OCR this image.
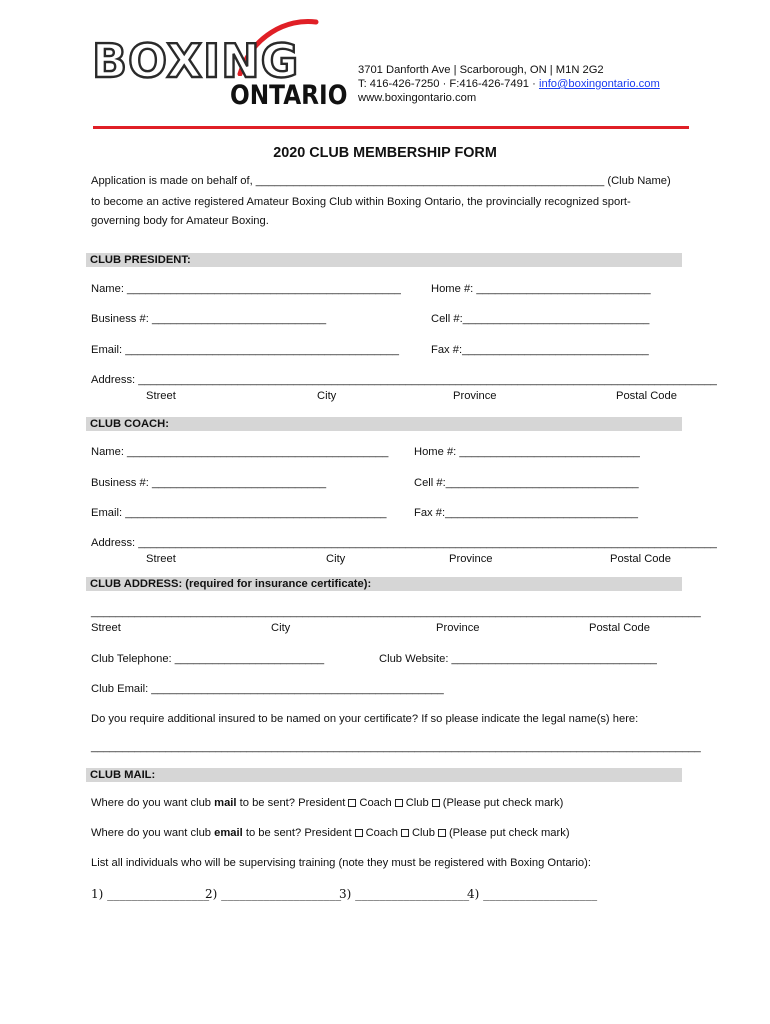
BOXING
ONTARIO
3701 Danforth Ave | Scarborough, ON | M1N 2G2
T: 416-426-7250 · F:416-426-7491 · info@boxingontario.com
www.boxingontario.com
2020 CLUB MEMBERSHIP FORM
Application is made on behalf of, ________________________________________________________ (Club Name)
to become an active registered Amateur Boxing Club within Boxing Ontario, the provincially recognized sport-
governing body for Amateur Boxing.
CLUB PRESIDENT:
Name: ____________________________________________	Home #: ____________________________
Business #: ____________________________	Cell #:______________________________
Email: ____________________________________________	Fax #:______________________________
Address: _____________________________________________________________________________________________
Street	City	Province	Postal Code
CLUB COACH:
Name: __________________________________________ Home #: _____________________________
Business #: ____________________________	Cell #:_______________________________
Email: __________________________________________ Fax #:_______________________________
Address: _____________________________________________________________________________________________
Street	City	Province	Postal Code
CLUB ADDRESS: (required for insurance certificate):
__________________________________________________________________________________________________
Street	City	Province	Postal Code
Club Telephone: ________________________	Club Website: _________________________________
Club Email: _______________________________________________
Do you require additional insured to be named on your certificate? If so please indicate the legal name(s) here:
__________________________________________________________________________________________________
CLUB MAIL:
Where do you want club mail to be sent? President Coach Club (Please put check mark)
Where do you want club email to be sent? President Coach Club (Please put check mark)
List all individuals who will be supervising training (note they must be registered with Boxing Ontario):
1) _________________
2) ____________________
3) ___________________
4) ___________________
